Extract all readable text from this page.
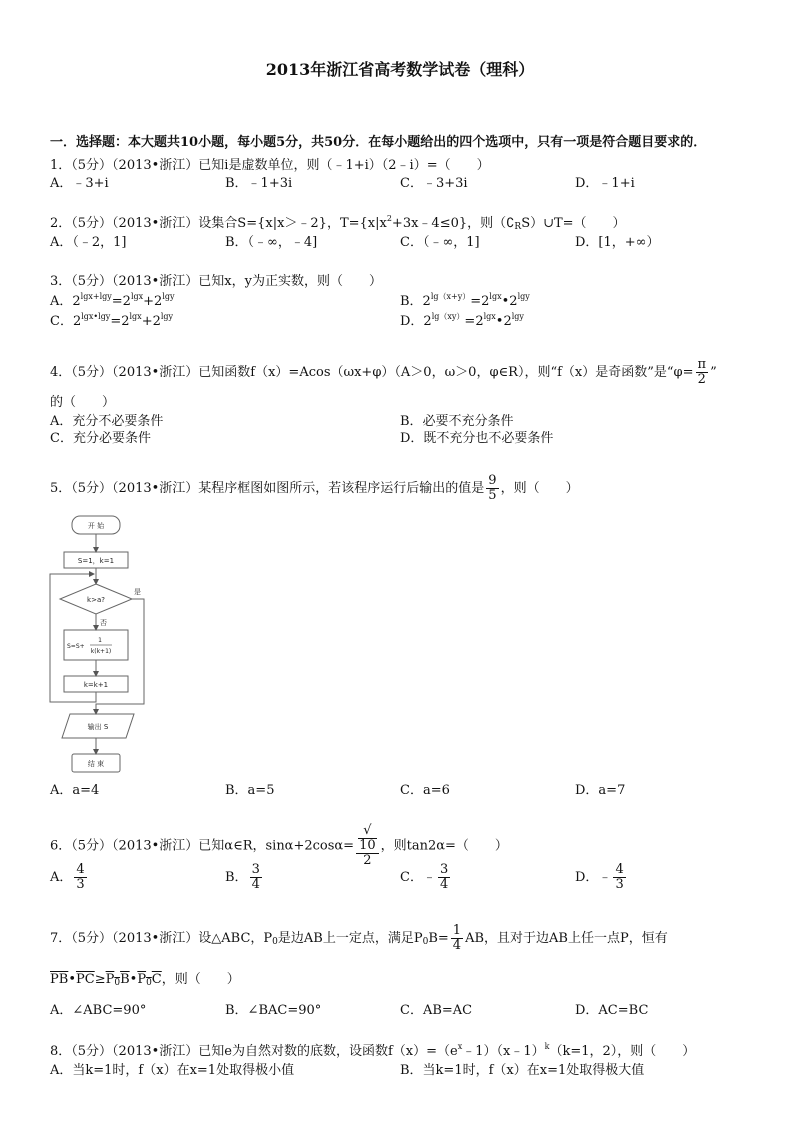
2013年浙江省高考数学试卷（理科）
一．选择题：本大题共10小题，每小题5分，共50分．在每小题给出的四个选项中，只有一项是符合题目要求的．
1．（5分）（2013•浙江）已知i是虚数单位，则（﹣1+i）（2﹣i）=（　　）
A．﹣3+i	B．﹣1+3i	C．﹣3+3i	D．﹣1+i
2．（5分）（2013•浙江）设集合S={x|x＞﹣2}，$T=\{x|x^2+3x﹣4\le 0\}$，则$(∁_RS)\cup T=$（　　）
A．（﹣2，1]	B．（﹣∞，﹣4]	C．（﹣∞，1]	D．[1，+∞）
3．（5分）（2013•浙江）已知x，y为正实数，则（　　）
A．$2^{lgx+lgy}=2^{lgx}+2^{lgy}$	B．$2^{lg(x+y)}=2^{lgx}•2^{lgy}$
C．$2^{lgx•lgy}=2^{lgx}+2^{lgy}$	D．$2^{lg(xy)}=2^{lgx}•2^{lgy}$
4．（5分）（2013•浙江）已知函数f（x）=Acos（ωx+φ）（A＞0，ω＞0，φ∈R），则“f（x）是奇函数”是“$\varphi= \frac{\pi}{2}$ ”
的（　　）
A．充分不必要条件	B．必要不充分条件
C．充分必要条件	D．既不充分也不必要条件
5．（5分）（2013•浙江）某程序框图如图所示，若该程序运行后输出的值是 $\frac{9}{5}$ ，则（　　）
开 始
S=1，k=1
k>a?
是
否
S=S+
1
k(k+1)
k=k+1
输出 S
结 束
A．a=4	B．a=5	C．a=6	D．a=7
6．（5分）（2013•浙江）已知α∈R，sinα+2cosα= √
10
2 ，则tan2α=（　　）
A． $\frac{4}{3}$	B． $\frac{3}{4}$	C．﹣ $\frac{3}{4}$	D．﹣ $\frac{4}{3}$
7．（5分）（2013•浙江）设△ABC，$P_0$是边AB上一定点，满足$P_0B= \frac{1}{4}$ AB，且对于边AB上任一点P，恒有
$\overline{PB}•\overline{PC}\ge P_0B•P_0C$，则（　　）
A．∠ABC=90°	B．∠BAC=90°	C．AB=AC	D．AC=BC
8．（5分）（2013•浙江）已知e为自然对数的底数，设函数$f(x)=(e^x﹣1)(x﹣1)^k(k=1$，2），则（　　）
A．当k=1时，f（x）在x=1处取得极小值	B．当k=1时，f（x）在x=1处取得极大值
